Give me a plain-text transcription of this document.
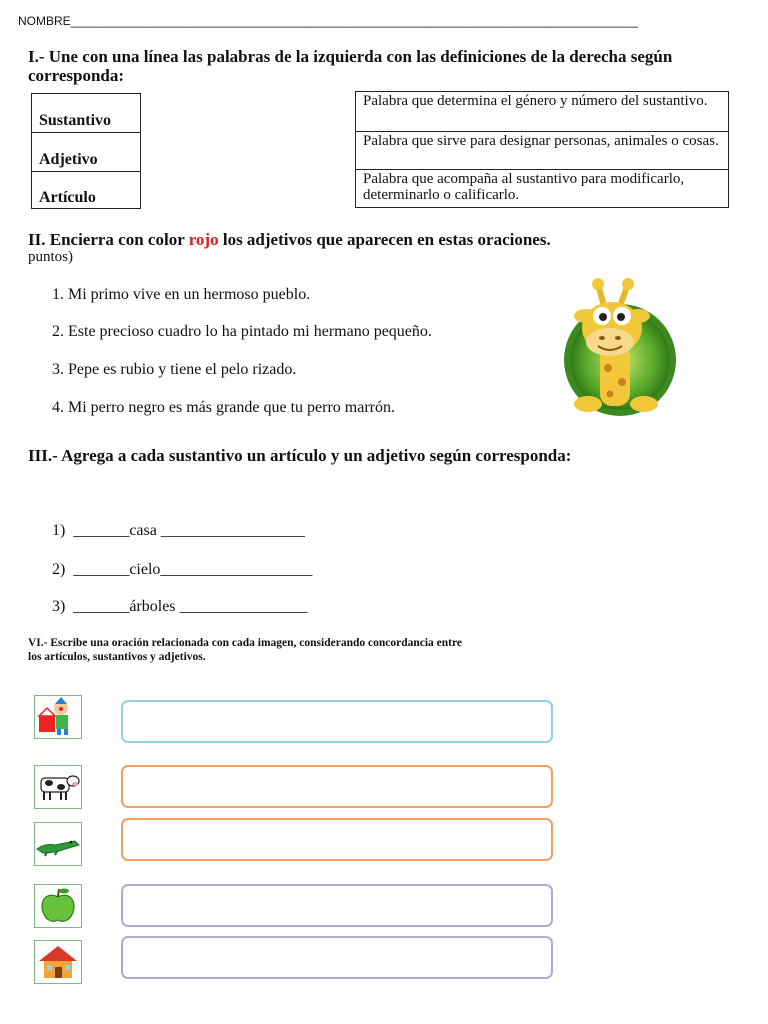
NOMBRE_____________________________________________________________________________________
I.- Une con una línea las palabras de la izquierda con las definiciones de la derecha según corresponda:
Sustantivo
Adjetivo
Artículo
Palabra que determina el género y número del sustantivo.
Palabra que sirve para designar personas, animales o cosas.
Palabra que acompaña al sustantivo para modificarlo, determinarlo o calificarlo.
II. Encierra con color rojo los adjetivos que aparecen en estas oraciones.
puntos)
1. Mi primo vive en un hermoso pueblo.
2. Este precioso cuadro lo ha pintado mi hermano pequeño.
3. Pepe es rubio y tiene el pelo rizado.
4. Mi perro negro es más grande que tu perro marrón.
III.- Agrega a cada sustantivo un artículo y un adjetivo según corresponda:
1)  _______casa __________________
2)  _______cielo___________________
3)  _______árboles ________________
VI.- Escribe una oración relacionada con cada imagen, considerando concordancia entre
los artículos, sustantivos y adjetivos.
